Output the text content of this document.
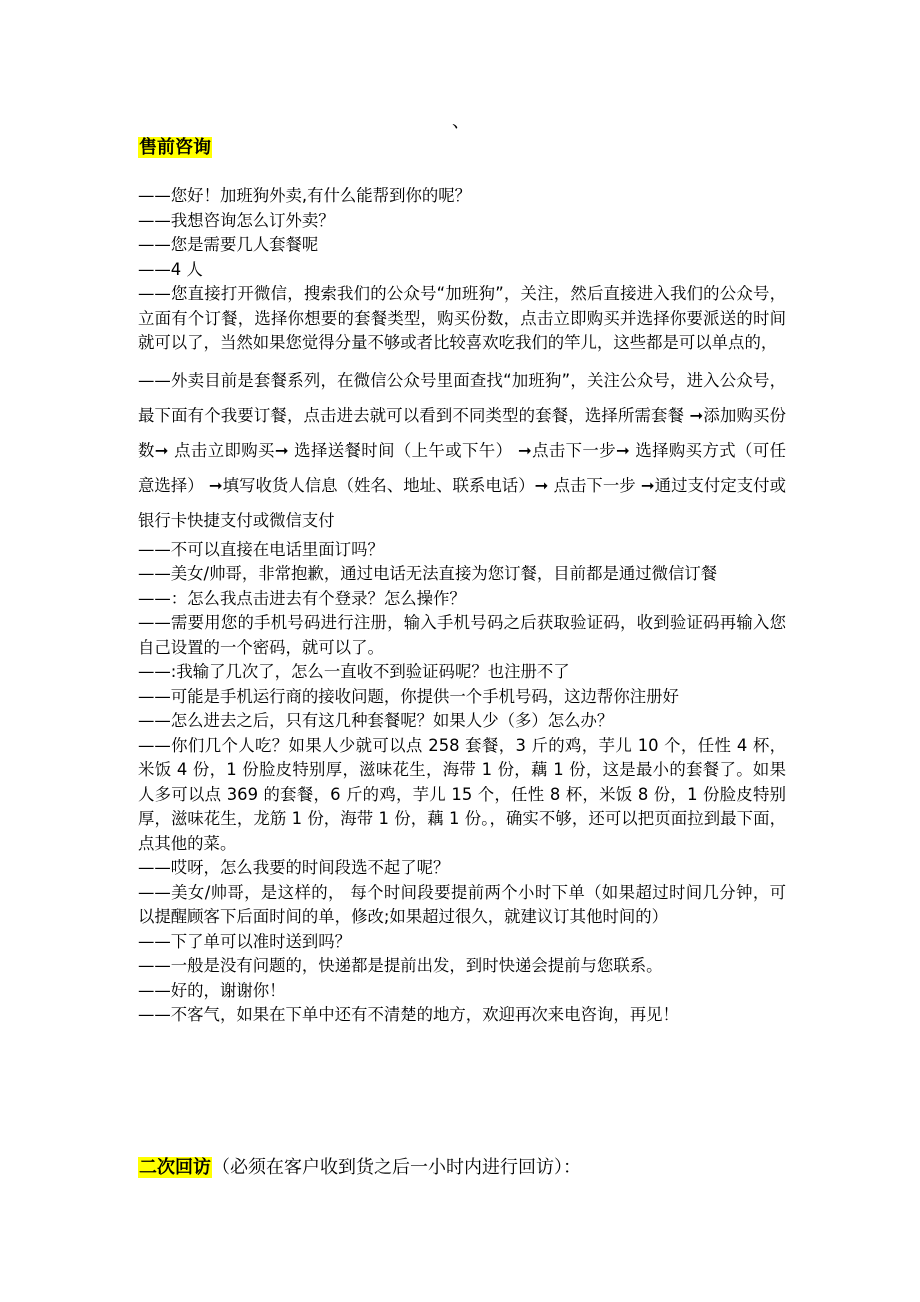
、
售前咨询

——您好！加班狗外卖,有什么能帮到你的呢？

——我想咨询怎么订外卖？

——您是需要几人套餐呢

——4 人

——您直接打开微信，搜索我们的公众号“加班狗”，关注，然后直接进入我们的公众号，立面有个订餐，选择你想要的套餐类型，购买份数，点击立即购买并选择你要派送的时间就可以了，当然如果您觉得分量不够或者比较喜欢吃我们的竿儿，这些都是可以单点的，

——外卖目前是套餐系列，在微信公众号里面查找“加班狗”，关注公众号，进入公众号，最下面有个我要订餐，点击进去就可以看到不同类型的套餐，选择所需套餐 ➞添加购买份数➞ 点击立即购买➞ 选择送餐时间（上午或下午） ➞点击下一步➞ 选择购买方式（可任意选择） ➞填写收货人信息（姓名、地址、联系电话）➞ 点击下一步 ➞通过支付定支付或银行卡快捷支付或微信支付

——不可以直接在电话里面订吗？

——美女/帅哥，非常抱歉，通过电话无法直接为您订餐，目前都是通过微信订餐

——：怎么我点击进去有个登录？怎么操作？

——需要用您的手机号码进行注册，输入手机号码之后获取验证码，收到验证码再输入您自己设置的一个密码，就可以了。

——:我输了几次了，怎么一直收不到验证码呢？也注册不了

——可能是手机运行商的接收问题，你提供一个手机号码，这边帮你注册好

——怎么进去之后，只有这几种套餐呢？如果人少（多）怎么办？

——你们几个人吃？如果人少就可以点 258 套餐，3 斤的鸡，芋儿 10 个，任性 4 杯，米饭 4 份，1 份脸皮特别厚，滋味花生，海带 1 份，藕 1 份，这是最小的套餐了。如果人多可以点 369 的套餐，6 斤的鸡，芋儿 15 个，任性 8 杯，米饭 8 份，1 份脸皮特别厚，滋味花生，龙筋 1 份，海带 1 份，藕 1 份。，确实不够，还可以把页面拉到最下面，点其他的菜。

——哎呀，怎么我要的时间段选不起了呢？

——美女/帅哥，是这样的， 每个时间段要提前两个小时下单（如果超过时间几分钟，可以提醒顾客下后面时间的单，修改;如果超过很久，就建议订其他时间的）

——下了单可以准时送到吗？

——一般是没有问题的，快递都是提前出发，到时快递会提前与您联系。

——好的，谢谢你！

——不客气，如果在下单中还有不清楚的地方，欢迎再次来电咨询，再见！

二次回访（必须在客户收到货之后一小时内进行回访）：
